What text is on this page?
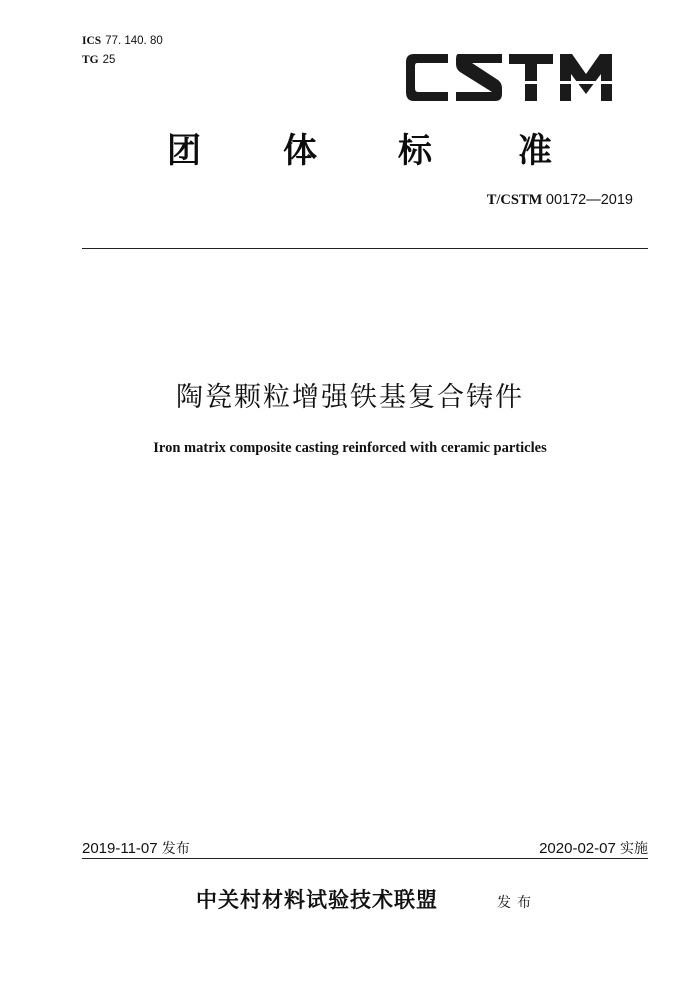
ICS 77. 140. 80
TG 25
团 体 标	准
T/CSTM 00172—2019
陶瓷颗粒增强铁基复合铸件
Iron matrix composite casting reinforced with ceramic particles
2019-11-07 发布	2020-02-07 实施
中关村材料试验技术联盟	发布
